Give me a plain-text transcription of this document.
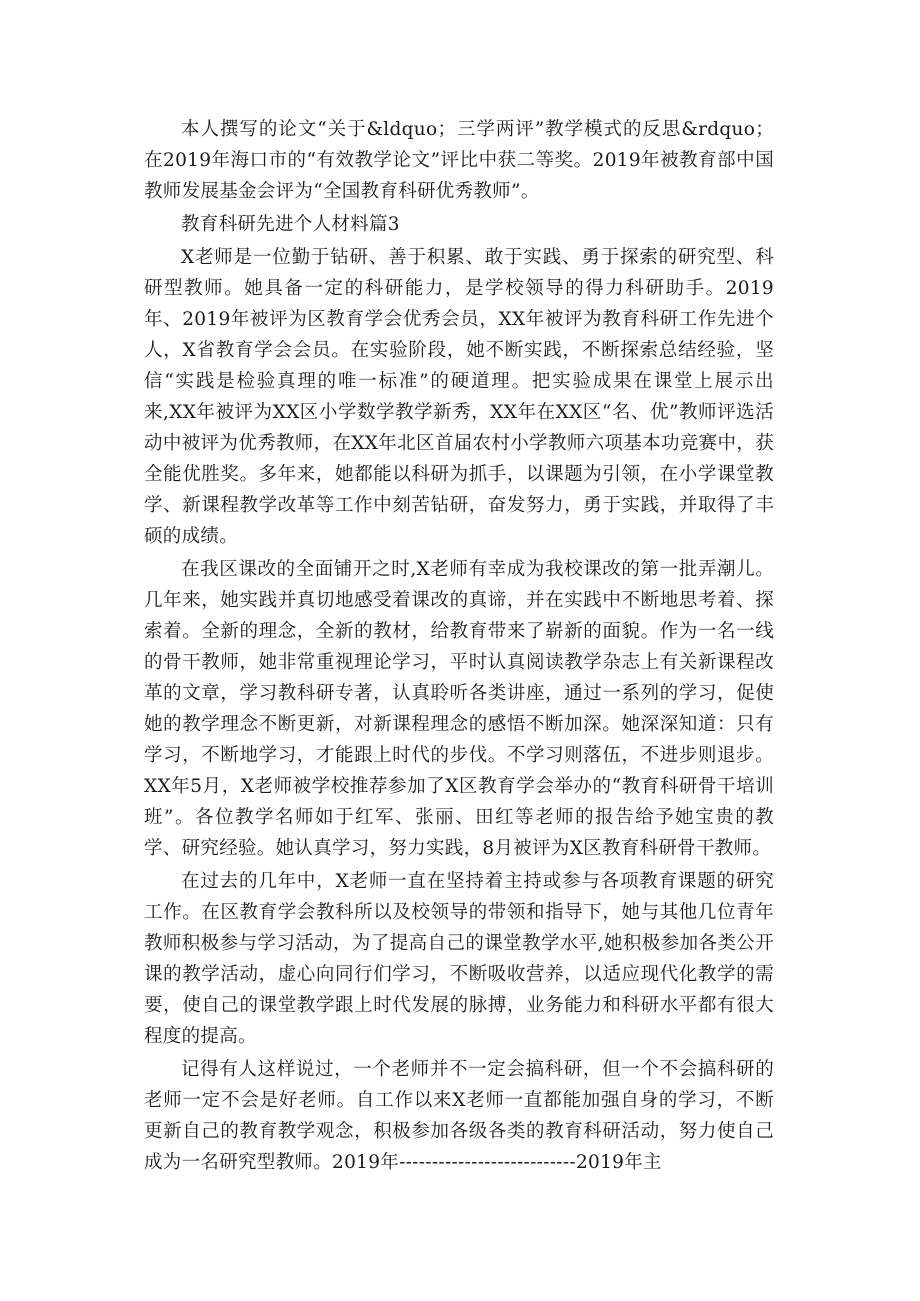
本人撰写的论文“关于&ldquo；三学两评”教学模式的反思&rdquo；在2019年海口市的“有效教学论文”评比中获二等奖。2019年被教育部中国教师发展基金会评为“全国教育科研优秀教师”。

教育科研先进个人材料篇3

X老师是一位勤于钻研、善于积累、敢于实践、勇于探索的研究型、科研型教师。她具备一定的科研能力，是学校领导的得力科研助手。2019年、2019年被评为区教育学会优秀会员，XX年被评为教育科研工作先进个人，X省教育学会会员。在实验阶段，她不断实践，不断探索总结经验，坚信“实践是检验真理的唯一标准”的硬道理。把实验成果在课堂上展示出来,XX年被评为XX区小学数学教学新秀，XX年在XX区“名、优”教师评选活动中被评为优秀教师，在XX年北区首届农村小学教师六项基本功竞赛中，获全能优胜奖。多年来，她都能以科研为抓手，以课题为引领，在小学课堂教学、新课程教学改革等工作中刻苦钻研，奋发努力，勇于实践，并取得了丰硕的成绩。

在我区课改的全面铺开之时,X老师有幸成为我校课改的第一批弄潮儿。几年来，她实践并真切地感受着课改的真谛，并在实践中不断地思考着、探索着。全新的理念，全新的教材，给教育带来了崭新的面貌。作为一名一线的骨干教师，她非常重视理论学习，平时认真阅读教学杂志上有关新课程改革的文章，学习教科研专著，认真聆听各类讲座，通过一系列的学习，促使她的教学理念不断更新，对新课程理念的感悟不断加深。她深深知道：只有学习，不断地学习，才能跟上时代的步伐。不学习则落伍，不进步则退步。XX年5月，X老师被学校推荐参加了X区教育学会举办的“教育科研骨干培训班”。各位教学名师如于红军、张丽、田红等老师的报告给予她宝贵的教学、研究经验。她认真学习，努力实践，8月被评为X区教育科研骨干教师。

在过去的几年中，X老师一直在坚持着主持或参与各项教育课题的研究工作。在区教育学会教科所以及校领导的带领和指导下，她与其他几位青年教师积极参与学习活动，为了提高自己的课堂教学水平,她积极参加各类公开课的教学活动，虚心向同行们学习，不断吸收营养，以适应现代化教学的需要，使自己的课堂教学跟上时代发展的脉搏，业务能力和科研水平都有很大程度的提高。

记得有人这样说过，一个老师并不一定会搞科研，但一个不会搞科研的老师一定不会是好老师。自工作以来X老师一直都能加强自身的学习，不断更新自己的教育教学观念，积极参加各级各类的教育科研活动，努力使自己成为一名研究型教师。2019年---------------------------2019年主
